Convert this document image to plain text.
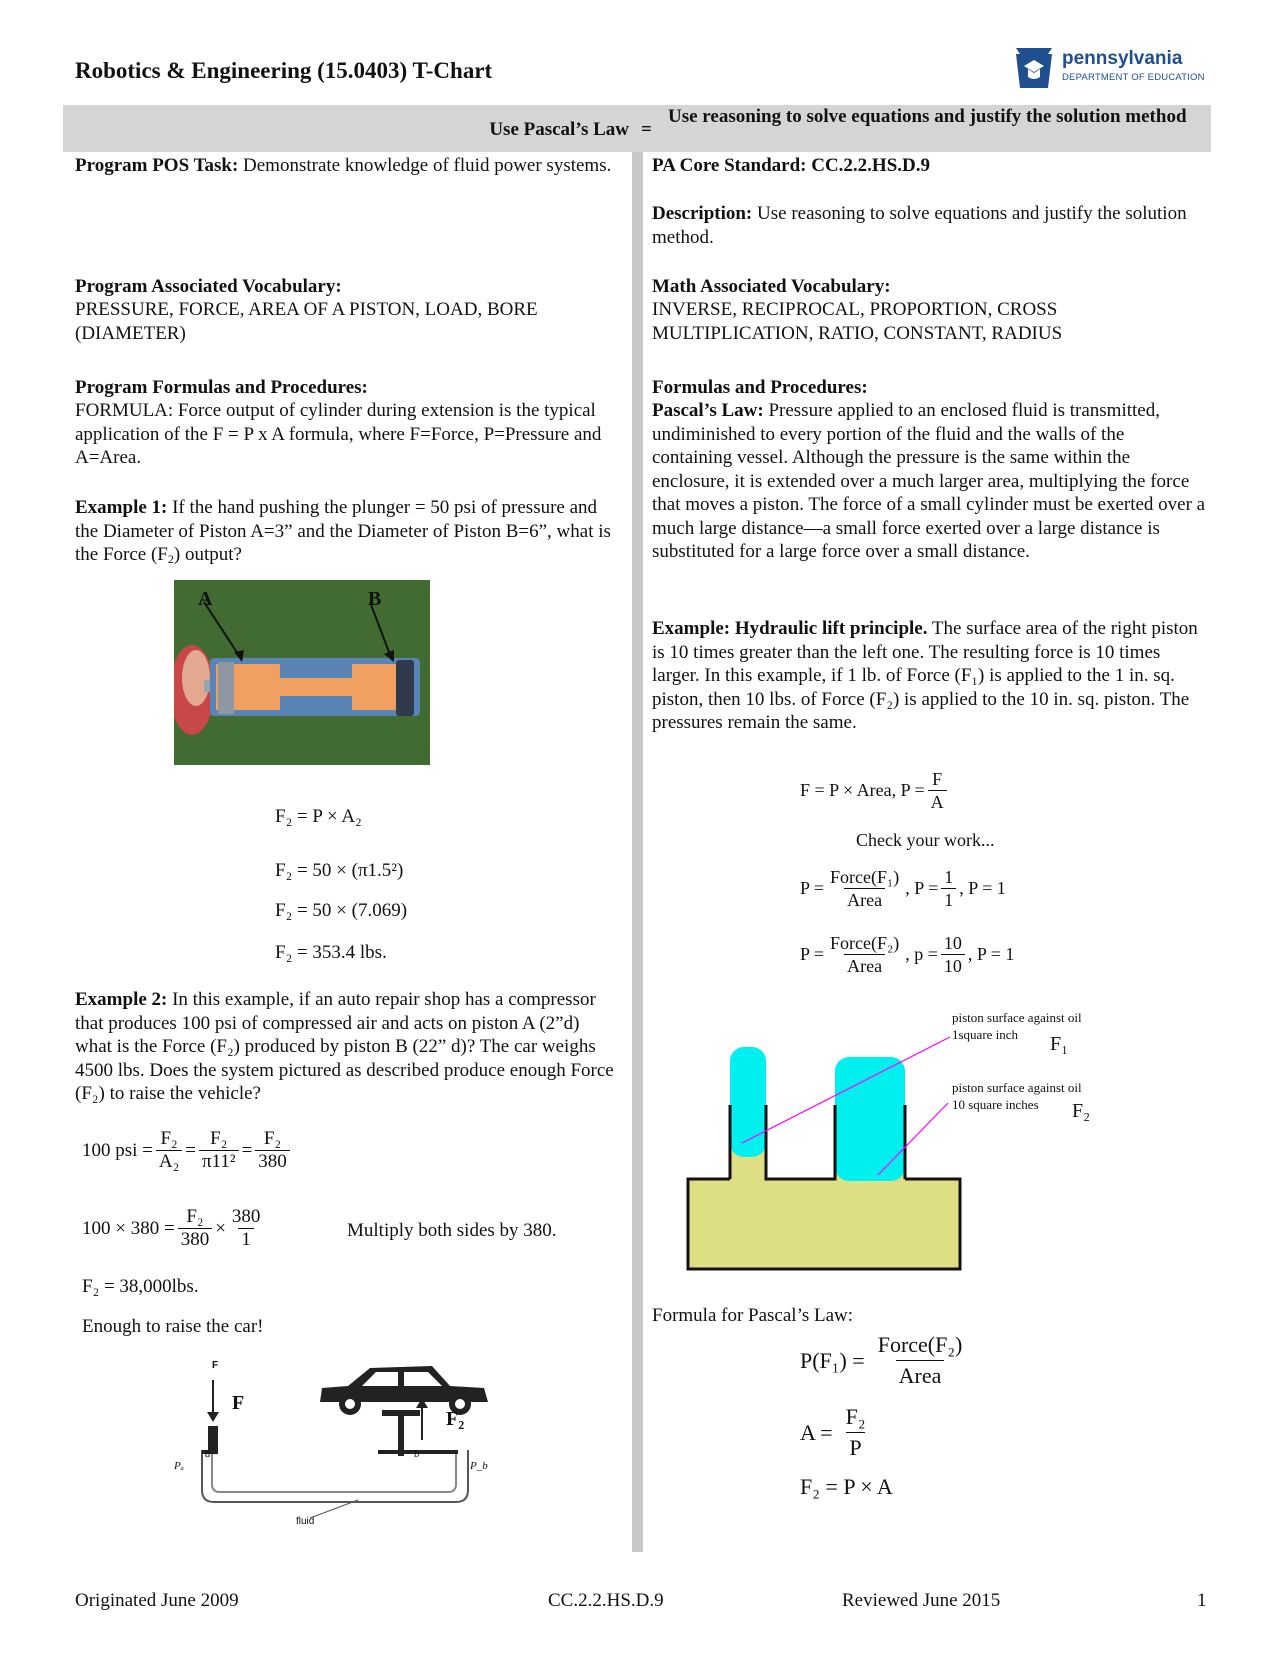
Robotics & Engineering (15.0403) T-Chart	pennsylvania
DEPARTMENT OF EDUCATION
Use Pascal’s Law =
Use reasoning to solve equations and justify the solution method
Program POS Task: Demonstrate knowledge of fluid power systems.
Program Associated Vocabulary:
PRESSURE, FORCE, AREA OF A PISTON, LOAD, BORE (DIAMETER)
Program Formulas and Procedures:
FORMULA: Force output of cylinder during extension is the typical application of the F = P x A formula, where F=Force, P=Pressure and A=Area.
Example 1: If the hand pushing the plunger = 50 psi of pressure and the Diameter of Piston A=3” and the Diameter of Piston B=6”, what is the Force $(F_2)$ output?
A	B
F₂ = P × A₂
F₂ = 50 × (π1.5²)
F₂ = 50 × (7.069)
F₂ = 353.4 lbs.
Example 2: In this example, if an auto repair shop has a compressor that produces 100 psi of compressed air and acts on piston A (2”d) what is the Force (F₂) produced by piston B (22” d)? The car weighs 4500 lbs. Does the system pictured as described produce enough Force (F₂) to raise the vehicle?
100 psi = $\frac{\text{F₂}}{\text{A₂}} = \frac{\text{F₂}}{\text{π11²}} = \frac{\text{F₂}}{380}$
$100 \times 380 = \frac{\text{F₂}}{380} \times \frac{380}{1}$	Multiply both sides by 380.
F₂ = 38,000lbs.
Enough to raise the car!
F
F
F₂
a	b
Pₐ	P_b
fluid
PA Core Standard: CC.2.2.HS.D.9
Description: Use reasoning to solve equations and justify the solution method.
Math Associated Vocabulary:
INVERSE, RECIPROCAL, PROPORTION, CROSS MULTIPLICATION, RATIO, CONSTANT, RADIUS
Formulas and Procedures:
Pascal’s Law: Pressure applied to an enclosed fluid is transmitted, undiminished to every portion of the fluid and the walls of the containing vessel. Although the pressure is the same within the enclosure, it is extended over a much larger area, multiplying the force that moves a piston. The force of a small cylinder must be exerted over a much large distance—a small force exerted over a large distance is substituted for a large force over a small distance.
Example: Hydraulic lift principle. The surface area of the right piston is 10 times greater than the left one. The resulting force is 10 times larger. In this example, if 1 lb. of Force (F₁) is applied to the 1 in. sq. piston, then 10 lbs. of Force (F₂) is applied to the 10 in. sq. piston. The pressures remain the same.
F = P × Area, $P = \frac{F}{A}$
Check your work...
$P = \frac{\text{Force(F₁)}}{\text{Area}}$ , $P = \frac{1}{1}$ , P = 1
$P = \frac{\text{Force(F₂)}}{\text{Area}}$ , $p = \frac{10}{10}$ , P = 1
piston surface against oil
1square inch F₁
piston surface against oil
10 square inches F₂
Formula for Pascal’s Law:
$P(F_1) = \frac{\text{Force(F₂)}}{\text{Area}}$
$A = \frac{\text{F₂}}{P}$
F₂ = P × A
Originated June 2009	CC.2.2.HS.D.9	Reviewed June 2015	1
